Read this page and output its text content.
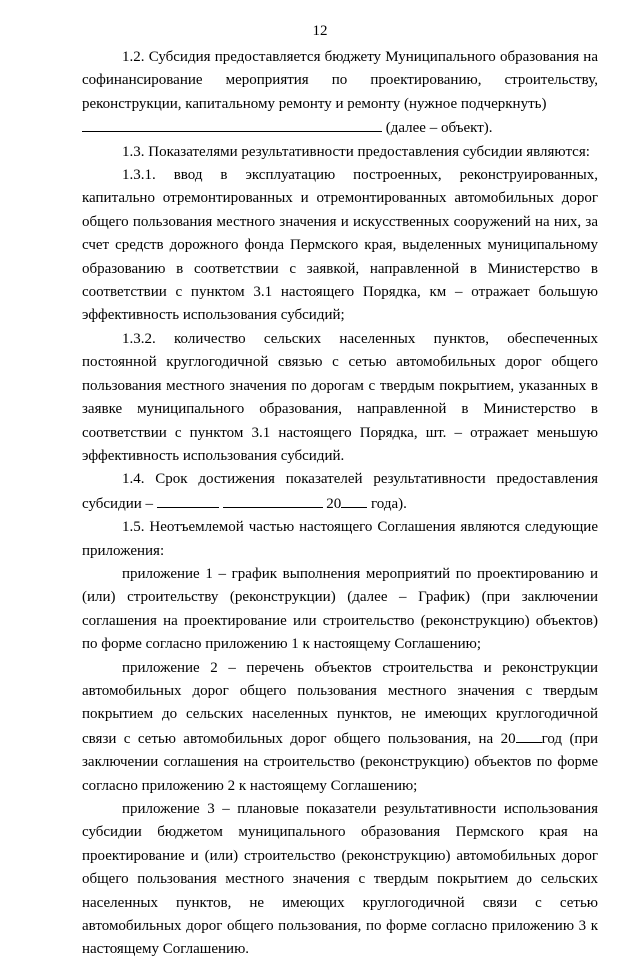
12

1.2. Субсидия предоставляется бюджету Муниципального образования на софинансирование мероприятия по проектированию, строительству, реконструкции, капитальному ремонту и ремонту (нужное подчеркнуть)
(далее – объект).

1.3. Показателями результативности предоставления субсидии являются:

1.3.1. ввод в эксплуатацию построенных, реконструированных, капитально отремонтированных и отремонтированных автомобильных дорог общего пользования местного значения и искусственных сооружений на них, за счет средств дорожного фонда Пермского края, выделенных муниципальному образованию в соответствии с заявкой, направленной в Министерство в соответствии с пунктом 3.1 настоящего Порядка, км – отражает большую эффективность использования субсидий;

1.3.2. количество сельских населенных пунктов, обеспеченных постоянной круглогодичной связью с сетью автомобильных дорог общего пользования местного значения по дорогам с твердым покрытием, указанных в заявке муниципального образования, направленной в Министерство в соответствии с пунктом 3.1 настоящего Порядка, шт. – отражает меньшую эффективность использования субсидий.

1.4. Срок достижения показателей результативности предоставления субсидии –	20 года).

1.5. Неотъемлемой частью настоящего Соглашения являются следующие приложения:

приложение 1 – график выполнения мероприятий по проектированию и (или) строительству (реконструкции) (далее – График) (при заключении соглашения на проектирование или строительство (реконструкцию) объектов) по форме согласно приложению 1 к настоящему Соглашению;

приложение 2 – перечень объектов строительства и реконструкции автомобильных дорог общего пользования местного значения с твердым покрытием до сельских населенных пунктов, не имеющих круглогодичной связи с сетью автомобильных дорог общего пользования, на 20 год (при заключении соглашения на строительство (реконструкцию) объектов по форме согласно приложению 2 к настоящему Соглашению;

приложение 3 – плановые показатели результативности использования субсидии бюджетом муниципального образования Пермского края на проектирование и (или) строительство (реконструкцию) автомобильных дорог общего пользования местного значения с твердым покрытием до сельских населенных пунктов, не имеющих круглогодичной связи с сетью автомобильных дорог общего пользования, по форме согласно приложению 3 к настоящему Соглашению.
